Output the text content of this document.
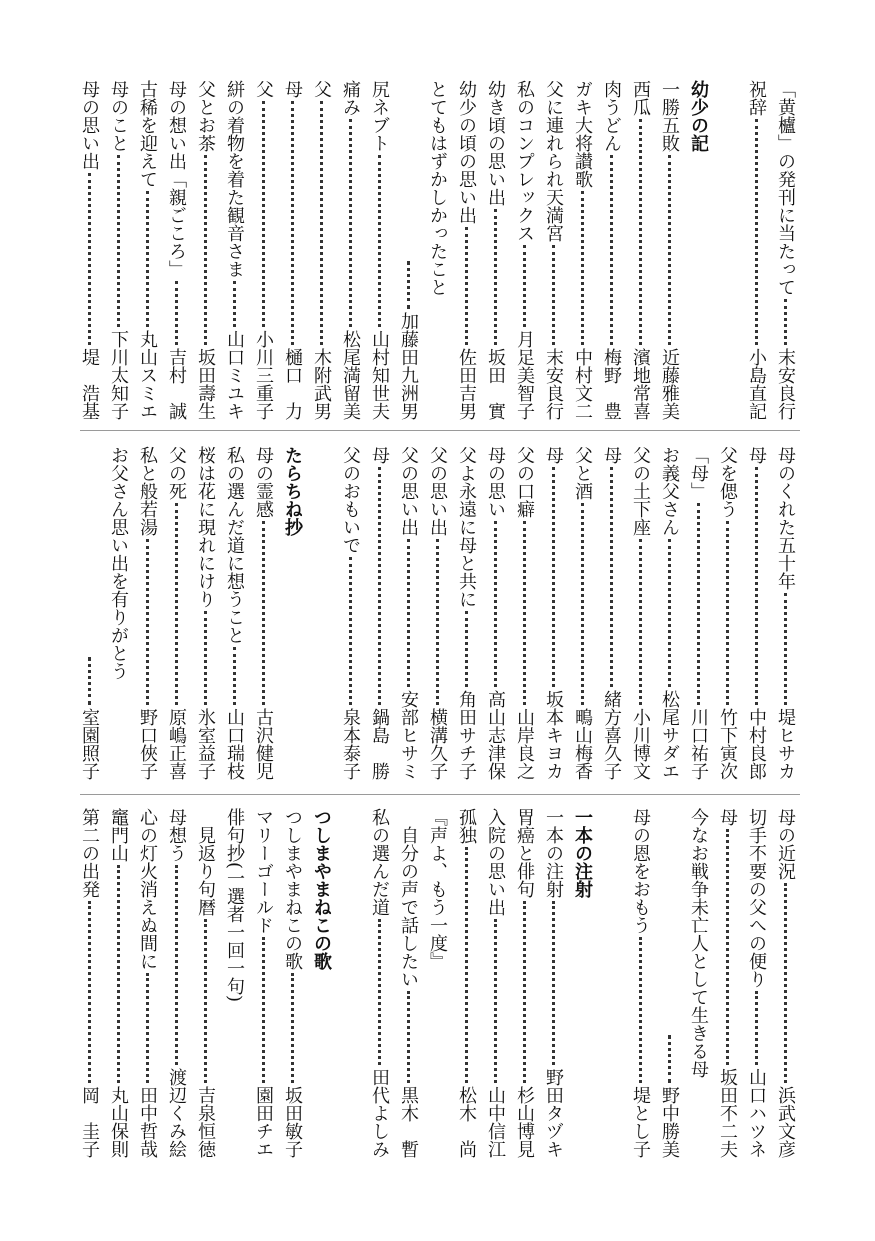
「黄櫨」の発刊に当たって
末安良行
祝辞
小島直記
幼少の記
一勝五敗
近藤雅美
西瓜
濱地常喜
肉うどん
梅野　豊
ガキ大将讃歌
中村文二
父に連れられ天満宮
末安良行
私のコンプレックス
月足美智子
幼き頃の思い出
坂田　實
幼少の頃の思い出
佐田吉男
とてもはずかしかったこと
加藤田九洲男
尻ネブト
山村知世夫
痛み
松尾満留美
父
木附武男
母
樋口　力
父
小川三重子
絣の着物を着た観音さま
山口ミユキ
父とお茶
坂田壽生
母の想い出「親ごころ」
吉村　誠
古稀を迎えて
丸山スミエ
母のこと
下川太知子
母の思い出
堤　浩基
母のくれた五十年
堤ヒサカ
母
中村良郎
父を偲う
竹下寅次
「母」
川口祐子
お義父さん
松尾サダエ
父の土下座
小川博文
母
緒方喜久子
父と酒
鴫山梅香
母
坂本キヨカ
父の口癖
山岸良之
母の思い
高山志津保
父よ永遠に母と共に
角田サチ子
父の思い出
横溝久子
父の思い出
安部ヒサミ
母
鍋島　勝
父のおもいで
泉本泰子
たらちね抄
母の霊感
古沢健児
私の選んだ道に想うこと
山口瑞枝
桜は花に現れにけり
氷室益子
父の死
原嶋正喜
私と般若湯
野口俠子
お父さん思い出を有りがとう
室園照子
母の近況
浜武文彦
切手不要の父への便り
山口ハツネ
母
坂田不二夫
今なお戦争未亡人として生きる母
野中勝美
母の恩をおもう
堤とし子
一本の注射
一本の注射
野田タヅキ
胃癌と俳句
杉山博見
入院の思い出
山中信江
孤独
松木　尚
『声よ、もう一度』
自分の声で話したい
黒木　暫
私の選んだ道
田代よしみ
つしまやまねこの歌
つしまやまねこの歌
坂田敏子
マリーゴールド
園田チエ
俳句抄(一選者一回一句)
見返り句暦
吉泉恒徳
母想う
渡辺くみ絵
心の灯火消えぬ間に
田中哲哉
竈門山
丸山保則
第二の出発
岡　圭子
